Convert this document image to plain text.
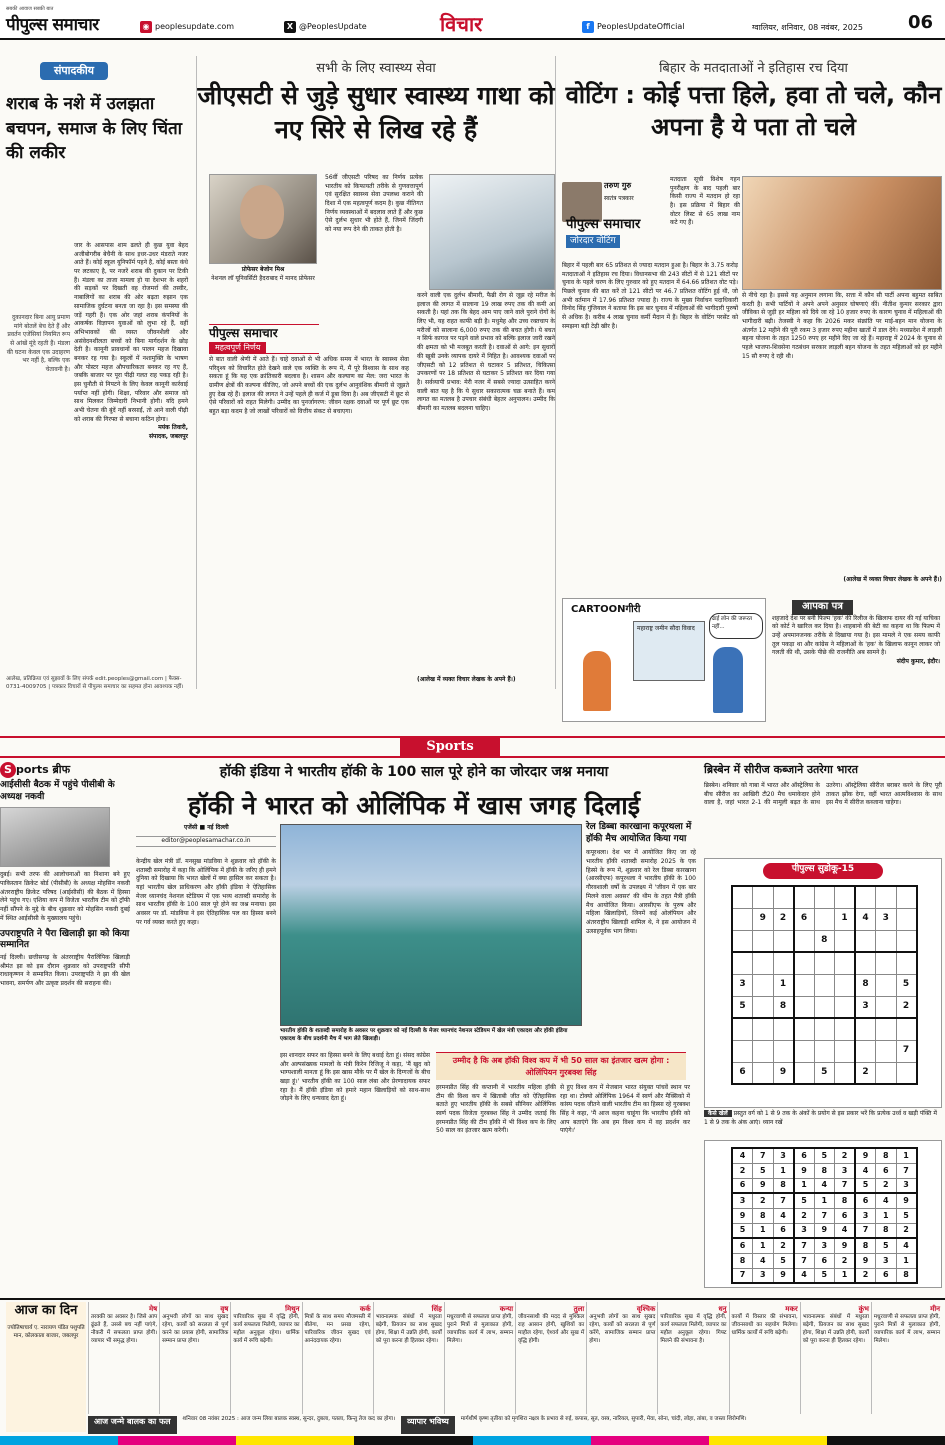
सबकी आवाज सबकी बात
पीपुल्स समाचार	◉ peoplesupdate.com	X @PeoplesUpdate	विचार	f PeoplesUpdateOfficial	ग्वालियर, शनिवार, 08 नवंबर, 2025 06
संपादकीय
शराब के नशे में उलझता बचपन, समाज के लिए चिंता की लकीर
दुकानदार बिना आयु प्रमाण मांगे बोतलें बेच देते हैं और प्रवर्तन एजेंसियां नियमित रूप से आंखें मूंदे रहती हैं। मंडला की घटना केवल एक उदाहरण भर नहीं है, बल्कि एक चेतावनी है।

जार के आसपास शाम ढलते ही कुछ युवा बेहद अजीबोगरीब बेचैनी के साथ इधर-उधर मंडराते नजर आते हैं। कोई स्कूल यूनिफॉर्म पहने है, कोई बस्ता कंधे पर लटकाए है, पर नजरें शराब की दुकान पर टिकी हैं। मंडला का ताजा मामला हो या देशभर के शहरों की सड़कों पर दिखती वह रोजमर्रा की तस्वीर, नाबालिगों का शराब की ओर बढ़ता रुझान एक सामाजिक दुर्घटना बनता जा रहा है। इस समस्या की जड़ें गहरी हैं। एक ओर जहां शराब कंपनियों के आकर्षक विज्ञापन युवाओं को लुभा रहे हैं, वहीं अभिभावकों की व्यस्त जीवनशैली और असंवेदनशीलता बच्चों को बिना मार्गदर्शन के छोड़ देती है। कानूनी प्रावधानों का पालन महज दिखावा बनकर रह गया है। स्कूलों में नशामुक्ति के भाषण और पोस्टर महज औपचारिकता बनकर रह गए हैं, जबकि बाजार पर पूरा पीढ़ी गलत राह पकड़ रही है। इस चुनौती से निपटने के लिए केवल कानूनी कार्रवाई पर्याप्त नहीं होगी। शिक्षा, परिवार और समाज को साथ मिलकर जिम्मेदारी निभानी होगी। यदि हमने अभी चेतना की बुंदें नहीं बरसाईं, तो आने वाली पीढ़ी को शराब की गिरफ्त से बचाना कठिन होगा।

मयंक तिवारी,

संपादक, जबलपुर

आलेख, प्रतिक्रिया एवं सुझावों के लिए संपर्क edit.peoples@gmail.com | फैक्स- 0731-4009705 | पत्रकार विचारों से पीपुल्स समाचार का सहमत होना आवश्यक नहीं।
सभी के लिए स्वास्थ्य सेवा
जीएसटी से जुड़े सुधार स्वास्थ्य गाथा को नए सिरे से लिख रहे हैं
प्रोफेसर बेजोन मिश्र
नेशनल लॉ यूनिवर्सिटी हैदराबाद में मानद प्रोफेसर
पीपुल्स समाचार
महत्वपूर्ण निर्णय
56वीं जीएसटी परिषद का निर्णय प्रत्येक भारतीय को किफायती तरीके से गुणवत्तापूर्ण एवं सुरक्षित स्वास्थ्य सेवा उपलब्ध कराने की दिशा में एक महत्वपूर्ण कदम है। कुछ नीतिगत निर्णय व्यवस्थाओं में बदलाव लाते हैं और कुछ ऐसे दुर्लभ सुधार भी होते हैं, जिनमें जिंदगी को नया रूप देने की ताकत होती है।
से बात वाली श्रेणी में आते हैं। चाहे दवाओं से भी अधिक समय में भारत के स्वास्थ्य सेवा परिदृश्य को विचारित होते देखने वाले एक व्यक्ति के रूप में, मैं पूरे विश्वास के साथ कह सकता हूं कि यह एक क्रांतिकारी बदलाव है। शासन और कल्याण का मेल: जरा भारत के ग्रामीण क्षेत्रों की कल्पना कीजिए, जो अपने बच्चों की एक दुर्लभ आनुवंशिक बीमारी से जूझते हुए देख रहे हैं। इलाज की लागत ने उन्हें पहले ही कर्ज में डूबा दिया है। अब जीएसटी में छूट से ऐसे परिवारों को राहत मिलेगी। उम्मीद का पुनर्जागरण: जीवन रक्षक दवाओं पर पूर्ण छूट एक बहुत बड़ा कदम है जो लाखों परिवारों को वित्तीय संकट से बचाएगा।
करने वाली एक दुर्लभ बीमारी, फैब्री रोग से जूझ रहे मरीज के इलाज की लागत में सालाना 19 लाख रुपए तक की कमी आ सकती है। यहां तक कि बेहद आम पाए जाने वाले पुराने रोगों के लिए भी, यह राहत काफी बड़ी है। मधुमेह और उच्च रक्तचाप के मरीजों को सालाना 6,000 रुपए तक की बचत होगी। ये बचत न सिर्फ कागज पर पड़ने वाले प्रभाव को बल्कि इलाज जारी रखने की क्षमता को भी मजबूत करती है। दवाओं से आगे: इन सुधारों की खूबी उनके व्यापक दायरे में निहित है। आवश्यक दवाओं पर जीएसटी को 12 प्रतिशत से घटाकर 5 प्रतिशत, चिकित्सा उपकरणों पर 18 प्रतिशत से घटाकर 5 प्रतिशत कर दिया गया है। सर्वव्यापी प्रभाव: मेरी नजर में सबसे ज्यादा उत्साहित करने वाली बात यह है कि ये सुधार सकारात्मक चक्र बनाते हैं। कम लागत का मतलब है उपचार संबंधी बेहतर अनुपालन। उम्मीद कि बीमारी का मतलब बदलना चाहिए।
(आलेख में व्यक्त विचार लेखक के अपने हैं।)
बिहार के मतदाताओं ने इतिहास रच दिया
वोटिंग : कोई पत्ता हिले, हवा तो चले, कौन अपना है ये पता तो चले
तरुण गुरु
स्वतंत्र पत्रकार
पीपुल्स समाचार
जोरदार वोटिंग
मतदाता सूची विशेष गहन पुनरीक्षण के बाद पहली बार किसी राज्य में मतदान हो रहा है। इस प्रक्रिया में बिहार की वोटर लिस्ट से 65 लाख नाम कटे गए हैं।
बिहार में पहली बार 65 प्रतिशत से ज्यादा मतदान हुआ है। बिहार के 3.75 करोड़ मतदाताओं ने इतिहास रच दिया। विधानसभा की 243 सीटों में से 121 सीटों पर चुनाव के पहले चरण के लिए गुरुवार को हुए मतदान में 64.66 प्रतिशत वोट पड़े। पिछले चुनाव की बात करें तो 121 सीटों पर 46.7 प्रतिशत वोटिंग हुई थी, जो अभी वर्तमान में 17.96 प्रतिशत ज्यादा है। राज्य के मुख्य निर्वाचन पदाधिकारी विनोद सिंह गुंजियाल ने बताया कि इस बार चुनाव में महिलाओं की भागीदारी पुरुषों से अधिक है। करीब 4 लाख चुनाव कर्मी मैदान में हैं। बिहार के वोटिंग परसेंट को समझना बड़ी टेढ़ी खीर है।
से नीचे रहा है। इससे यह अनुमान लगाना कि, सत्ता में कौन सी पार्टी अपना बहुमत साबित करती है। सभी पार्टियों ने अपने अपने अनुसार घोषणाएं कीं। नीतीश कुमार सरकार द्वारा जीविका से जुड़ी हर महिला को दिये जा रहे 10 हजार रुपए के कारण चुनाव में महिलाओं की भागीदारी बढ़ी। तेजस्वी ने कहा कि 2026 मकर संक्रांति पर माई-बहन मान योजना के अंतर्गत 12 महीने की पूरी रकम 3 हजार रुपए महीना खातों में डाल देंगे। मध्यप्रदेश में लाड़ली बहना योजना के तहत 1250 रुपए हर महीने दिए जा रहे हैं। महाराष्ट्र में 2024 के चुनाव से पहले भाजपा-शिवसेना गठबंधन सरकार लाड़ली बहन योजना के तहत महिलाओं को हर महीने 15 सौ रुपए दे रही थी।
(आलेख में व्यक्त विचार लेखक के अपने हैं।)
CARTOONगीरी
महाराष्ट्र जमीन सौदा विवाद
ढाई लोन की जरूरत नहीं...
आपका पत्र

शहजादे देश पर बनी फिल्म 'हक' की रिलीज के खिलाफ दायर की गई याचिका को कोर्ट ने खारिज कर दिया है। शाहबानो की बेटी का कहना था कि फिल्म में उन्हें अपमानजनक तरीके से दिखाया गया है। इस मामले ने एक समय काफी तूल पकड़ा था और कांग्रेस ने महिलाओं के 'हक' के खिलाफ कानून लाकर जो गलती की थी, उसके पीछे की राजनीति अब सामने है।

संदीप कुमार, इंदौर।

Sports
S ports ब्रीफ
आईसीसी बैठक में पहुंचे पीसीबी के अध्यक्ष नकवी
दुबई। सभी तरफ की आलोचनाओं का निशाना बने हुए पाकिस्तान क्रिकेट बोर्ड (पीसीबी) के अध्यक्ष मोहसिन नकवी अंतरराष्ट्रीय क्रिकेट परिषद (आईसीसी) की बैठक में हिस्सा लेने पहुंच गए। एशिया कप में विजेता भारतीय टीम को ट्रॉफी नहीं सौंपने के मुद्दे के बीच शुक्रवार को मोहसिन नकवी दुबई में स्थित आईसीसी के मुख्यालय पहुंचे।
उपराष्ट्रपति ने पैरा खिलाड़ी झा को किया सम्मानित
नई दिल्ली। छत्तीसगढ़ के अंतरराष्ट्रीय पैरालिंपिक खिलाड़ी श्रीमंत झा को इस दौरान शुक्रवार को उपराष्ट्रपति सीपी राधाकृष्णन ने सम्मानित किया। उपराष्ट्रपति ने झा की खेल भावना, समर्पण और उत्कृष्ट प्रदर्शन की सराहना की।
हॉकी इंडिया ने भारतीय हॉकी के 100 साल पूरे होने का जोरदार जश्न मनाया
हॉकी ने भारत को ओलिंपिक में खास जगह दिलाई
एजेंसी ■ नई दिल्ली
editor@peoplesamachar.co.in
केन्द्रीय खेल मंत्री डॉ. मनसुख मांडविया ने शुक्रवार को हॉकी के शताब्दी समारोह में कहा कि ओलिंपिक में हॉकी के जरिए ही हमने दुनिया को दिखाया कि भारत खेलों में क्या हासिल कर सकता है। यहां भारतीय खेल प्राधिकरण और हॉकी इंडिया ने ऐतिहासिक मेजर ध्यानचंद नेशनल स्टेडियम में एक भव्य शताब्दी समारोह के साथ भारतीय हॉकी के 100 साल पूरे होने का जश्न मनाया। इस अवसर पर डॉ. मांडविया ने इस ऐतिहासिक पल का हिस्सा बनने पर गर्व व्यक्त करते हुए कहा।
भारतीय हॉकी के शताब्दी समारोह के अवसर पर शुक्रवार को नई दिल्ली के मेजर ध्यानचंद नेशनल स्टेडियम में खेल मंत्री एकादश और हॉकी इंडिया एकादश के बीच प्रदर्शनी मैच में भाग लेते खिलाड़ी।
इस शानदार सफर का हिस्सा बनने के लिए बधाई देता हूं। संसद कांग्रेस और अल्पसंख्यक मामलों के मंत्री किरेन रिजिजू ने कहा, 'मैं खुद को भाग्यशाली मानता हूं कि इस खास मौके पर मैं खेल के दिग्गजों के बीच खड़ा हूं।' भारतीय हॉकी का 100 साल लंबा और प्रेरणादायक सफर रहा है। मैं हॉकी इंडिया को हमारे महान खिलाड़ियों को साथ-साथ जोड़ने के लिए धन्यवाद देता हूं।
उम्मीद है कि अब हॉकी विश्व कप में भी 50 साल का इंतजार खत्म होगा : ओलिंपियन गुरबक्श सिंह
हरमनप्रीत सिंह की कप्तानी में भारतीय महिला हॉकी टीम की विश्व कप में खिताबी जीत को ऐतिहासिक बताते हुए भारतीय हॉकी के सबसे सीनियर ओलिंपिक स्वर्ण पदक विजेता गुरबक्श सिंह ने उम्मीद जताई कि हरमनप्रीत सिंह की टीम हॉकी में भी विश्व कप के लिए 50 साल का इंतजार खत्म करेगी।
से हुए विश्व कप में मेजबान भारत संयुक्त पांचवें स्थान पर रहा था। टोक्यो ओलिंपिक 1964 में स्वर्ण और मैक्सिको में कांस्य पदक जीतने वाली भारतीय टीम का हिस्सा रहे गुरबक्श सिंह ने कहा, 'मैं आज कहना चाहूंगा कि भारतीय हॉकी को आप बताएंगे कि अब हम विश्व कप में वह प्रदर्शन कर पाएंगे।'
रेल डिब्बा कारखाना कपूरथला में हॉकी मैच आयोजित किया गया
कपूरथला। देश भर में आयोजित किए जा रहे भारतीय हॉकी शताब्दी समारोह 2025 के एक हिस्से के रूप में, शुक्रवार को रेल डिब्बा कारखाना (आरसीएफ) कपूरथला ने भारतीय हॉकी के 100 गौरवशाली वर्षों के उपलक्ष्य में 'जीवन में एक बार मिलने वाला अवसर' की थीम के तहत मैत्री हॉकी मैच आयोजित किया। आरसीएफ के पुरुष और महिला खिलाड़ियों, जिनमें कई ओलंपियन और अंतरराष्ट्रीय खिलाड़ी शामिल थे, ने इस आयोजन में उत्साहपूर्वक भाग लिया।
ब्रिस्बेन में सीरीज कब्जाने उतरेगा भारत
ब्रिस्बेन। शनिवार को गाबा में भारत और ऑस्ट्रेलिया के बीच सीरीज का आखिरी टी20 मैच धमाकेदार होने वाला है, जहां भारत 2-1 की मामूली बढ़त के साथ उतरेगा। ऑस्ट्रेलिया सीरीज बराबर करने के लिए पूरी ताकत झोंक देगा, वहीं भारत आत्मविश्वास के साथ इस मैच में सीरीज कब्जाना चाहेगा।
पीपुल्स सुडोकू-15

	9	2	6		1	4	3	
				8				

3		1				8		5
5		8				3		2

								7
6		9		5		2		
कैसे खेलें प्रस्तुत वर्ग को 1 से 9 तक के अंकों के प्रयोग से इस प्रकार भरें कि प्रत्येक उर्ध्व व खड़ी पंक्ति में 1 से 9 तक के अंक आएं। ध्यान रखें
4	7	3	6	5	2	9	8	1
2	5	1	9	8	3	4	6	7
6	9	8	1	4	7	5	2	3
3	2	7	5	1	8	6	4	9
9	8	4	2	7	6	3	1	5
5	1	6	3	9	4	7	8	2
6	1	2	7	3	9	8	5	4
8	4	5	7	6	2	9	3	1
7	3	9	4	5	1	2	6	8
आज का दिन
ज्योतिषाचार्य ए. नारायण पंडित पशुपति मान, कोलकाता बाजार, जबलपुर
मेष
तरक्की का अवसर है। जिसे आप ढूंढते हैं, उससे बच नहीं पाएंगे, नौकरी में सफलता प्राप्त होगी। व्यापार भी समृद्ध होगा।
वृष
अनुभवी लोगों का साथ सुखद रहेगा, कार्यों को सरलता से पूर्ण करने का प्रयास होगी, सामाजिक सम्मान प्राप्त होगा।
मिथुन
पारिवारिक सुख में वृद्धि होगी, कार्य सफलता मिलेगी, व्यापार का महौल अनुकूल रहेगा। धार्मिक कार्य में रूचि बढ़ेगी।
कर्क
मित्रों के साथ समय मौजमस्ती में बीतेगा, मन प्रसन्न रहेगा, पारिवारिक जीवन सुखद एवं आनंददायक रहेगा।
सिंह
भावनात्मक संबंधों में मधुरता बढ़ेगी, प्रियजन का साथ सुखद होगा, शिक्षा में उन्नति होगी, कार्यों को पूरा करना ही हितकर रहेगा।
कन्या
मधुरवाणी से सफलता प्राप्त होगी, पुराने मित्रों से मुलाकात होगी, व्यापारिक कार्य में लाभ, सम्मान मिलेगा।
तुला
जीवनसाथी की मदद से मुश्किल राह आसान होगी, खुशियों का माहौल रहेगा, ऐश्वर्य और सुख में वृद्धि होगी।
वृश्चिक
अनुभवी लोगों का साथ सुखद रहेगा, कार्यों को सरलता से पूर्ण करेंगे, सामाजिक सम्मान प्राप्त होगा।
धनु
पारिवारिक सुख में वृद्धि होगी, कार्य सफलता मिलेगी, व्यापार का महौल अनुकूल रहेगा। गिफ्ट मिलने की संभावना है।
मकर
कार्यों में विस्तार की संभावना, जीवनसाथी का सहयोग मिलेगा। धार्मिक कार्यों में रूचि बढ़ेगी।
कुंभ
भावनात्मक संबंधों में मधुरता बढ़ेगी, प्रियजन का साथ सुखद होगा, शिक्षा में उन्नति होगी, कार्यों को पूरा करना ही हितकर रहेगा।
मीन
मधुरवाणी से सफलता प्राप्त होगी, पुराने मित्रों से मुलाकात होगी, व्यापारिक कार्य में लाभ, सम्मान मिलेगा।
आज जन्मे बालक का फल	शनिवार 08 नवंबर 2025 : आज जन्म लिया बालक स्वस्थ, सुन्दर, दुबला, पतला, किन्तु तेज कद का होगा।	व्यापार भविष्य	मार्गशीर्ष कृष्ण तृतीया को मृगशिरा नक्षत्र के प्रभाव से रुई, कपास, सूत, वस्त्र, नारियल, सुपारी, मेवा, सोना, चांदी, लोहा, तांबा, व जस्ता शिरोमणि।
